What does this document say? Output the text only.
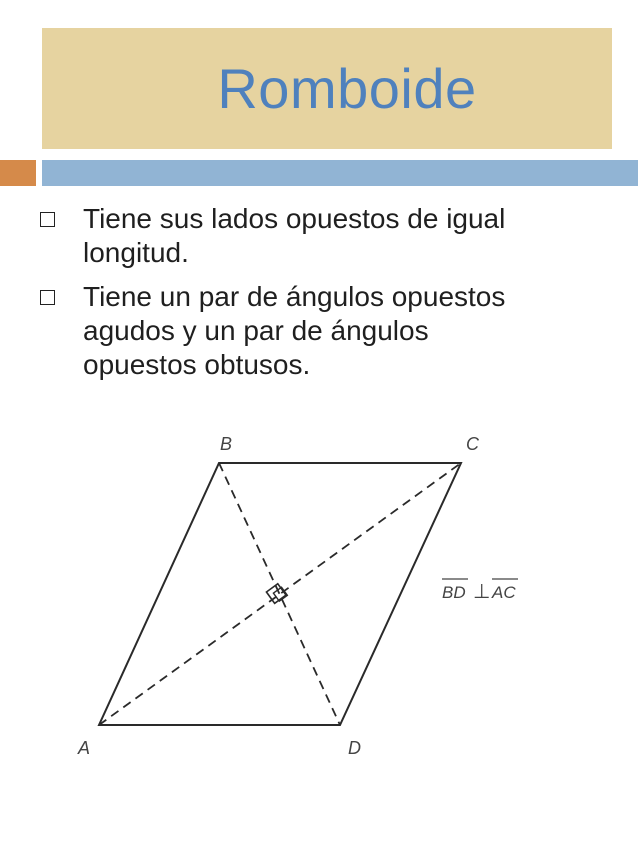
Romboide
Tiene sus lados opuestos de igual
longitud.
Tiene un par de ángulos opuestos
agudos y un par de ángulos
opuestos obtusos.
B	C
A	D
BD ⊥ AC
